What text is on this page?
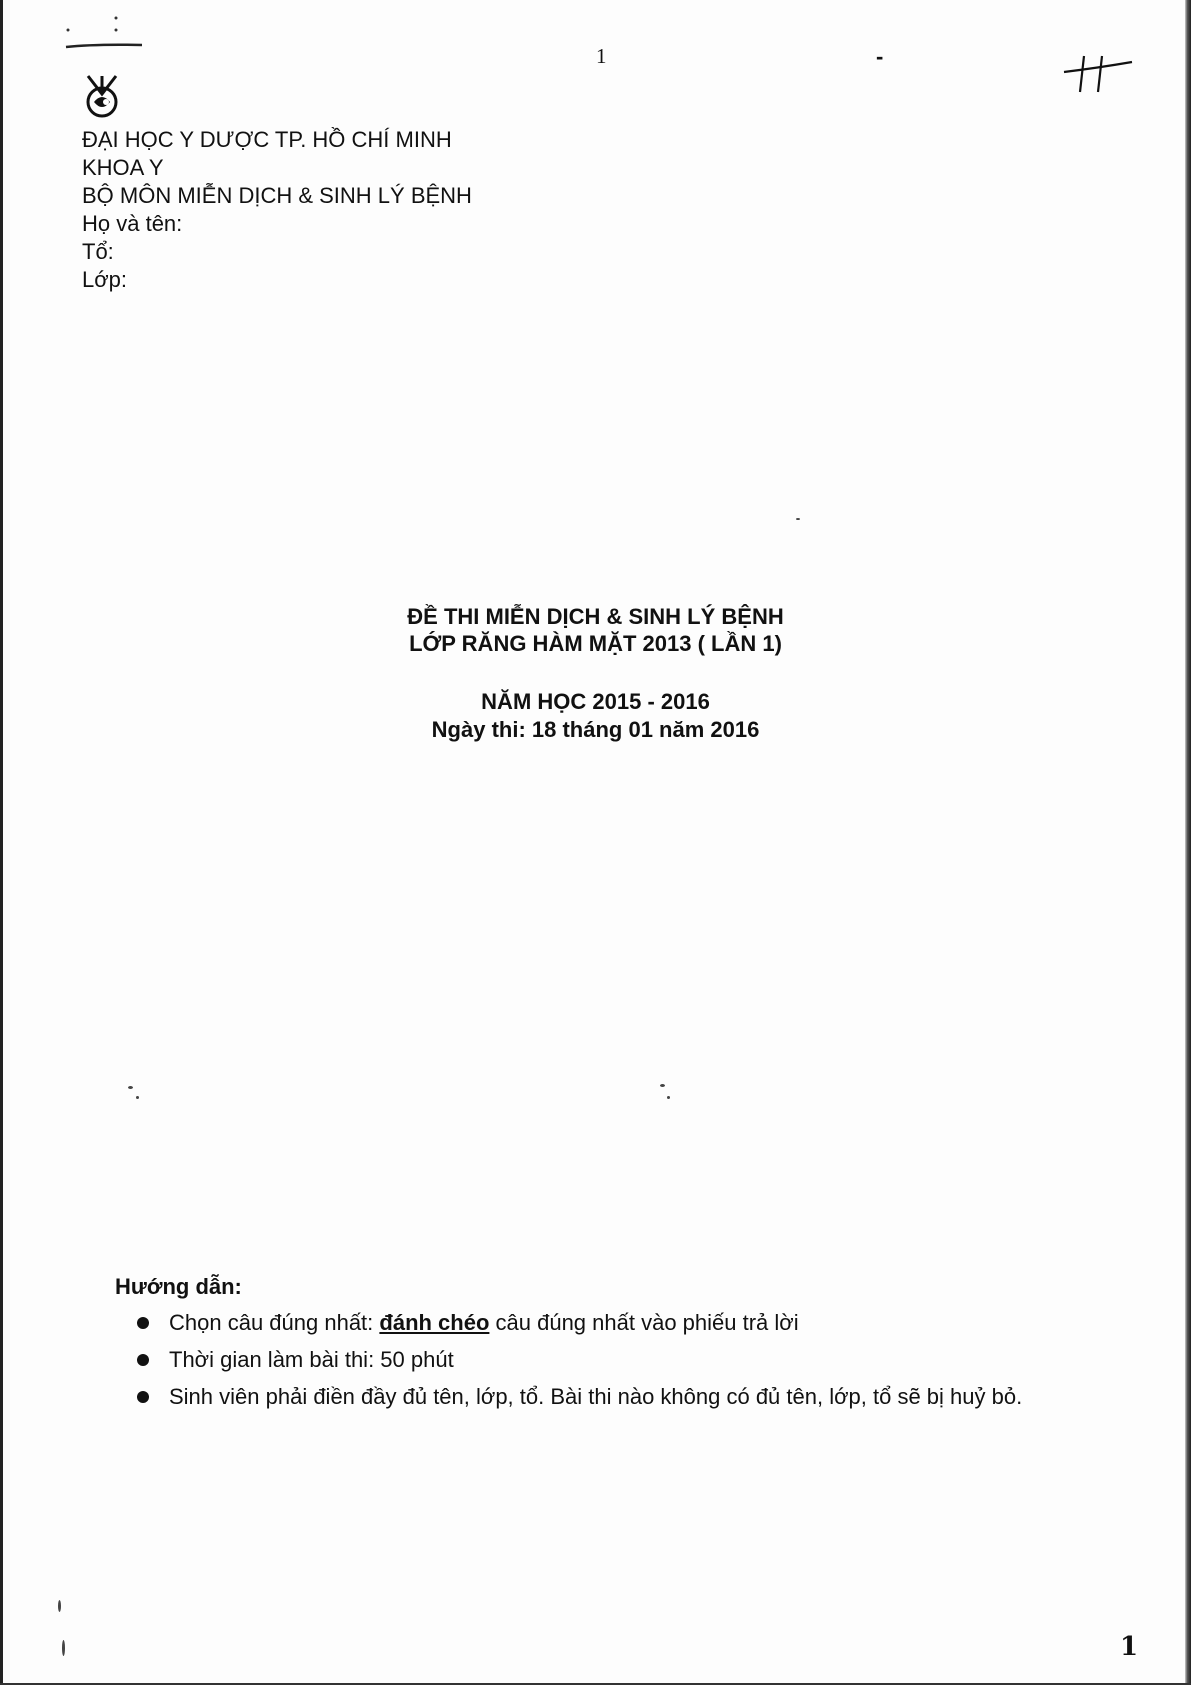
1	-
ĐẠI HỌC Y DƯỢC TP. HỒ CHÍ MINH
KHOA Y
BỘ MÔN MIỄN DỊCH & SINH LÝ BỆNH
Họ và tên:
Tổ:
Lớp:
ĐỀ THI MIỄN DỊCH & SINH LÝ BỆNH
LỚP RĂNG HÀM MẶT 2013 ( LẦN 1)
NĂM HỌC 2015 - 2016
Ngày thi: 18 tháng 01 năm 2016
Hướng dẫn:
Chọn câu đúng nhất: đánh chéo câu đúng nhất vào phiếu trả lời
Thời gian làm bài thi: 50 phút
Sinh viên phải điền đầy đủ tên, lớp, tổ. Bài thi nào không có đủ tên, lớp, tổ sẽ bị huỷ bỏ.
1
